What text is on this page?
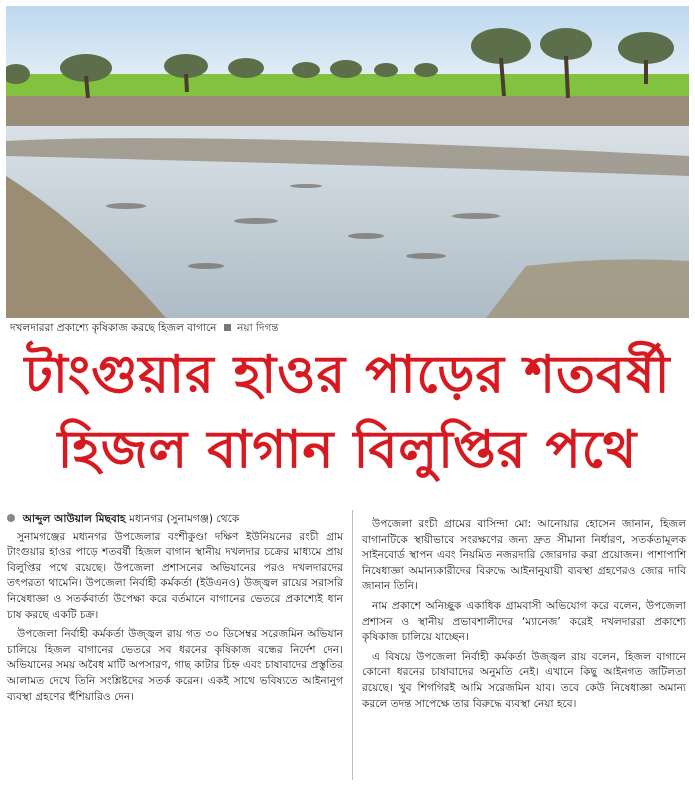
দখলদাররা প্রকাশ্যে কৃষিকাজ করছে হিজল বাগানে নয়া দিগন্ত
টাংগুয়ার হাওর পাড়ের শতবর্ষী
হিজল বাগান বিলুপ্তির পথে
আব্দুল আউয়াল মিছবাহ মধ্যনগর (সুনামগঞ্জ) থেকে

সুনামগঞ্জের মধ্যনগর উপজেলার বংশীকুণ্ডা দক্ষিণ ইউনিয়নের রংচী গ্রাম টাংগুয়ার হাওর পাড়ে শতবর্ষী হিজল বাগান স্থানীয় দখলদার চক্রের মাধ্যমে প্রায় বিলুপ্তির পথে রয়েছে। উপজেলা প্রশাসনের অভিযানের পরও দখলদারদের তৎপরতা থামেনি। উপজেলা নির্বাহী কর্মকর্তা (ইউএনও) উজ্জ্বল রায়ের সরাসরি নিষেধাজ্ঞা ও সতর্কবার্তা উপেক্ষা করে বর্তমানে বাগানের ভেতরে প্রকাশ্যেই ধান চাষ করছে একটি চক্র।

উপজেলা নির্বাহী কর্মকর্তা উজ্জ্বল রায় গত ৩০ ডিসেম্বর সরেজমিন অভিযান চালিয়ে হিজল বাগানের ভেতরে সব ধরনের কৃষিকাজ বন্ধের নির্দেশ দেন। অভিযানের সময় অবৈধ মাটি অপসারণ, গাছ কাটার চিহ্ন এবং চাষাবাদের প্রস্তুতির আলামত দেখে তিনি সংশ্লিষ্টদের সতর্ক করেন। একই সাথে ভবিষ্যতে আইনানুগ ব্যবস্থা গ্রহণের হুঁশিয়ারিও দেন।

উপজেলা রংচী গ্রামের বাসিন্দা মো: আনোয়ার হোসেন জানান, হিজল বাগানটিকে স্থায়ীভাবে সংরক্ষণের জন্য দ্রুত সীমানা নির্ধারণ, সতর্কতামূলক সাইনবোর্ড স্থাপন এবং নিয়মিত নজরদারি জোরদার করা প্রয়োজন। পাশাপাশি নিষেধাজ্ঞা অমান্যকারীদের বিরুদ্ধে আইনানুযায়ী ব্যবস্থা গ্রহণেরও জোর দাবি জানান তিনি।

নাম প্রকাশে অনিচ্ছুক একাধিক গ্রামবাসী অভিযোগ করে বলেন, উপজেলা প্রশাসন ও স্থানীয় প্রভাবশালীদের ‘ম্যানেজ’ করেই দখলদাররা প্রকাশ্যে কৃষিকাজ চালিয়ে যাচ্ছেন।

এ বিষয়ে উপজেলা নির্বাহী কর্মকর্তা উজ্জ্বল রায় বলেন, হিজল বাগানে কোনো ধরনের চাষাবাদের অনুমতি নেই। এখানে কিছু আইনগত জটিলতা রয়েছে। খুব শিগগিরই আমি সরেজমিন যাব। তবে কেউ নিষেধাজ্ঞা অমান্য করলে তদন্ত সাপেক্ষে তার বিরুদ্ধে ব্যবস্থা নেয়া হবে।
